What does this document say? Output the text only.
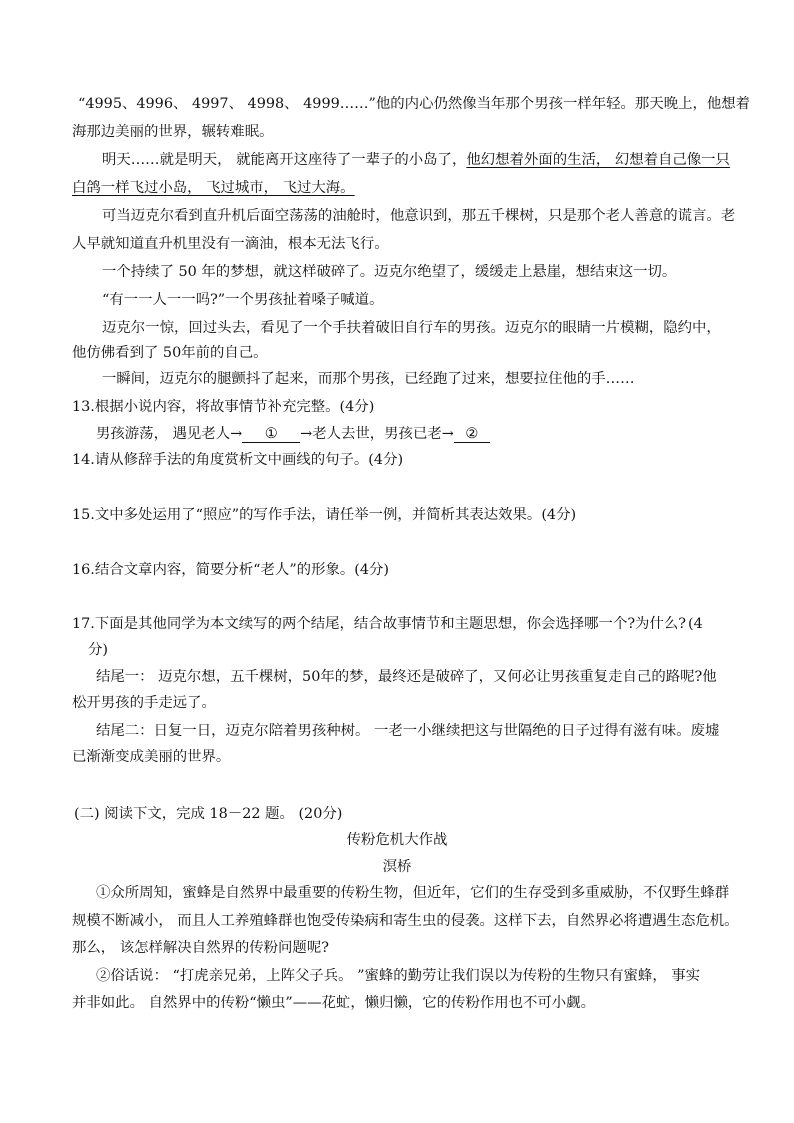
“4995、4996、 4997、 4998、 4999……”他的内心仍然像当年那个男孩一样年轻。那天晚上，他想着
海那边美丽的世界，辗转难眠。
明天……就是明天， 就能离开这座待了一辈子的小岛了，他幻想着外面的生活， 幻想着自己像一只
白鸽一样飞过小岛， 飞过城市， 飞过大海。
可当迈克尔看到直升机后面空荡荡的油舱时，他意识到，那五千棵树，只是那个老人善意的谎言。老
人早就知道直升机里没有一滴油，根本无法飞行。
一个持续了 50 年的梦想，就这样破碎了。迈克尔绝望了，缓缓走上悬崖，想结束这一切。
“有一一人一一吗?”一个男孩扯着嗓子喊道。
迈克尔一惊，回过头去，看见了一个手扶着破旧自行车的男孩。迈克尔的眼睛一片模糊，隐约中，
他仿佛看到了 50年前的自己。
一瞬间，迈克尔的腿颤抖了起来，而那个男孩，已经跑了过来，想要拉住他的手……
13.根据小说内容，将故事情节补充完整。(4分)
男孩游荡， 遇见老人→ ① →老人去世，男孩已老→ ②
14.请从修辞手法的角度赏析文中画线的句子。(4分)
15.文中多处运用了“照应”的写作手法，请任举一例，并简析其表达效果。(4分)
16.结合文章内容，简要分析“老人”的形象。(4分)
17.下面是其他同学为本文续写的两个结尾，结合故事情节和主题思想，你会选择哪一个?为什么? (4
分)
结尾一： 迈克尔想，五千棵树，50年的梦，最终还是破碎了，又何必让男孩重复走自己的路呢?他
松开男孩的手走远了。
结尾二：日复一日，迈克尔陪着男孩种树。 一老一小继续把这与世隔绝的日子过得有滋有味。废墟
已渐渐变成美丽的世界。
(二) 阅读下文，完成 18－22 题。 (20分)
传粉危机大作战
溟桥
①众所周知，蜜蜂是自然界中最重要的传粉生物，但近年，它们的生存受到多重威胁，不仅野生蜂群
规模不断减小， 而且人工养殖蜂群也饱受传染病和寄生虫的侵袭。这样下去，自然界必将遭遇生态危机。
那么， 该怎样解决自然界的传粉问题呢?
②俗话说： “打虎亲兄弟，上阵父子兵。 ”蜜蜂的勤劳让我们误以为传粉的生物只有蜜蜂， 事实
并非如此。 自然界中的传粉“懒虫”——花虻，懒归懒，它的传粉作用也不可小觑。
